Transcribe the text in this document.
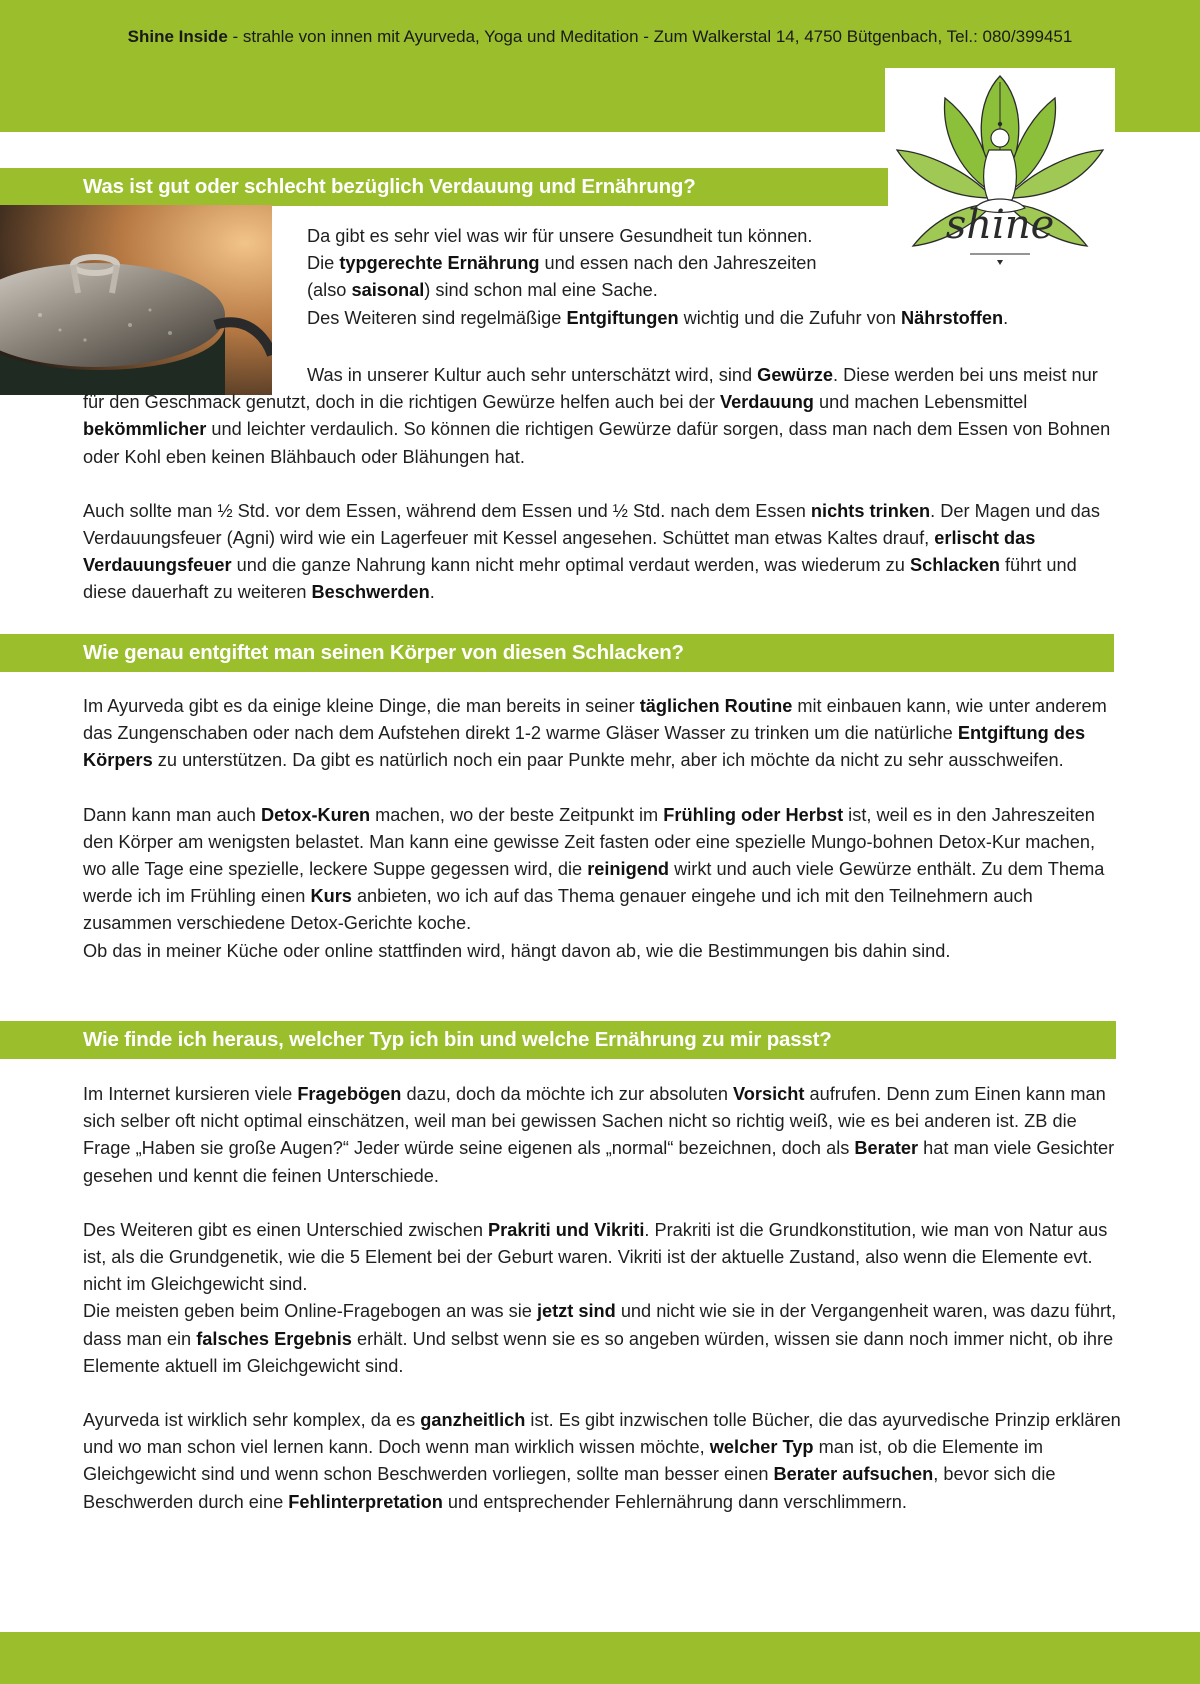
Shine Inside - strahle von innen mit Ayurveda, Yoga und Meditation - Zum Walkerstal 14, 4750 Bütgenbach, Tel.: 080/399451
shine
Was ist gut oder schlecht bezüglich Verdauung und Ernährung?

Da gibt es sehr viel was wir für unsere Gesundheit tun können.

Die typgerechte Ernährung und essen nach den Jahreszeiten

(also saisonal) sind schon mal eine Sache.

Des Weiteren sind regelmäßige Entgiftungen wichtig und die Zufuhr von Nährstoffen.

Was in unserer Kultur auch sehr unterschätzt wird, sind Gewürze. Diese werden bei uns meist nur für den Geschmack genutzt, doch in die richtigen Gewürze helfen auch bei der Verdauung und machen Lebensmittel bekömmlicher und leichter verdaulich. So können die richtigen Gewürze dafür sorgen, dass man nach dem Essen von Bohnen oder Kohl eben keinen Blähbauch oder Blähungen hat.

Auch sollte man ½ Std. vor dem Essen, während dem Essen und ½ Std. nach dem Essen nichts trinken. Der Magen und das Verdauungsfeuer (Agni) wird wie ein Lagerfeuer mit Kessel angesehen. Schüttet man etwas Kaltes drauf, erlischt das Verdauungsfeuer und die ganze Nahrung kann nicht mehr optimal verdaut werden, was wiederum zu Schlacken führt und diese dauerhaft zu weiteren Beschwerden.

Wie genau entgiftet man seinen Körper von diesen Schlacken?

Im Ayurveda gibt es da einige kleine Dinge, die man bereits in seiner täglichen Routine mit einbauen kann, wie unter anderem das Zungenschaben oder nach dem Aufstehen direkt 1-2 warme Gläser Wasser zu trinken um die natürliche Entgiftung des Körpers zu unterstützen. Da gibt es natürlich noch ein paar Punkte mehr, aber ich möchte da nicht zu sehr ausschweifen.

Dann kann man auch Detox-Kuren machen, wo der beste Zeitpunkt im Frühling oder Herbst ist, weil es in den Jahreszeiten den Körper am wenigsten belastet. Man kann eine gewisse Zeit fasten oder eine spezielle Mungo-bohnen Detox-Kur machen, wo alle Tage eine spezielle, leckere Suppe gegessen wird, die reinigend wirkt und auch viele Gewürze enthält. Zu dem Thema werde ich im Frühling einen Kurs anbieten, wo ich auf das Thema genauer eingehe und ich mit den Teilnehmern auch zusammen verschiedene Detox-Gerichte koche.

Ob das in meiner Küche oder online stattfinden wird, hängt davon ab, wie die Bestimmungen bis dahin sind.

Wie finde ich heraus, welcher Typ ich bin und welche Ernährung zu mir passt?

Im Internet kursieren viele Fragebögen dazu, doch da möchte ich zur absoluten Vorsicht aufrufen. Denn zum Einen kann man sich selber oft nicht optimal einschätzen, weil man bei gewissen Sachen nicht so richtig weiß, wie es bei anderen ist. ZB die Frage „Haben sie große Augen?“ Jeder würde seine eigenen als „normal“ bezeichnen, doch als Berater hat man viele Gesichter gesehen und kennt die feinen Unterschiede.

Des Weiteren gibt es einen Unterschied zwischen Prakriti und Vikriti. Prakriti ist die Grundkonstitution, wie man von Natur aus ist, als die Grundgenetik, wie die 5 Element bei der Geburt waren. Vikriti ist der aktuelle Zustand, also wenn die Elemente evt. nicht im Gleichgewicht sind.

Die meisten geben beim Online-Fragebogen an was sie jetzt sind und nicht wie sie in der Vergangenheit waren, was dazu führt, dass man ein falsches Ergebnis erhält. Und selbst wenn sie es so angeben würden, wissen sie dann noch immer nicht, ob ihre Elemente aktuell im Gleichgewicht sind.

Ayurveda ist wirklich sehr komplex, da es ganzheitlich ist. Es gibt inzwischen tolle Bücher, die das ayurvedische Prinzip erklären und wo man schon viel lernen kann. Doch wenn man wirklich wissen möchte, welcher Typ man ist, ob die Elemente im Gleichgewicht sind und wenn schon Beschwerden vorliegen, sollte man besser einen Berater aufsuchen, bevor sich die Beschwerden durch eine Fehlinterpretation und entsprechender Fehlernährung dann verschlimmern.
